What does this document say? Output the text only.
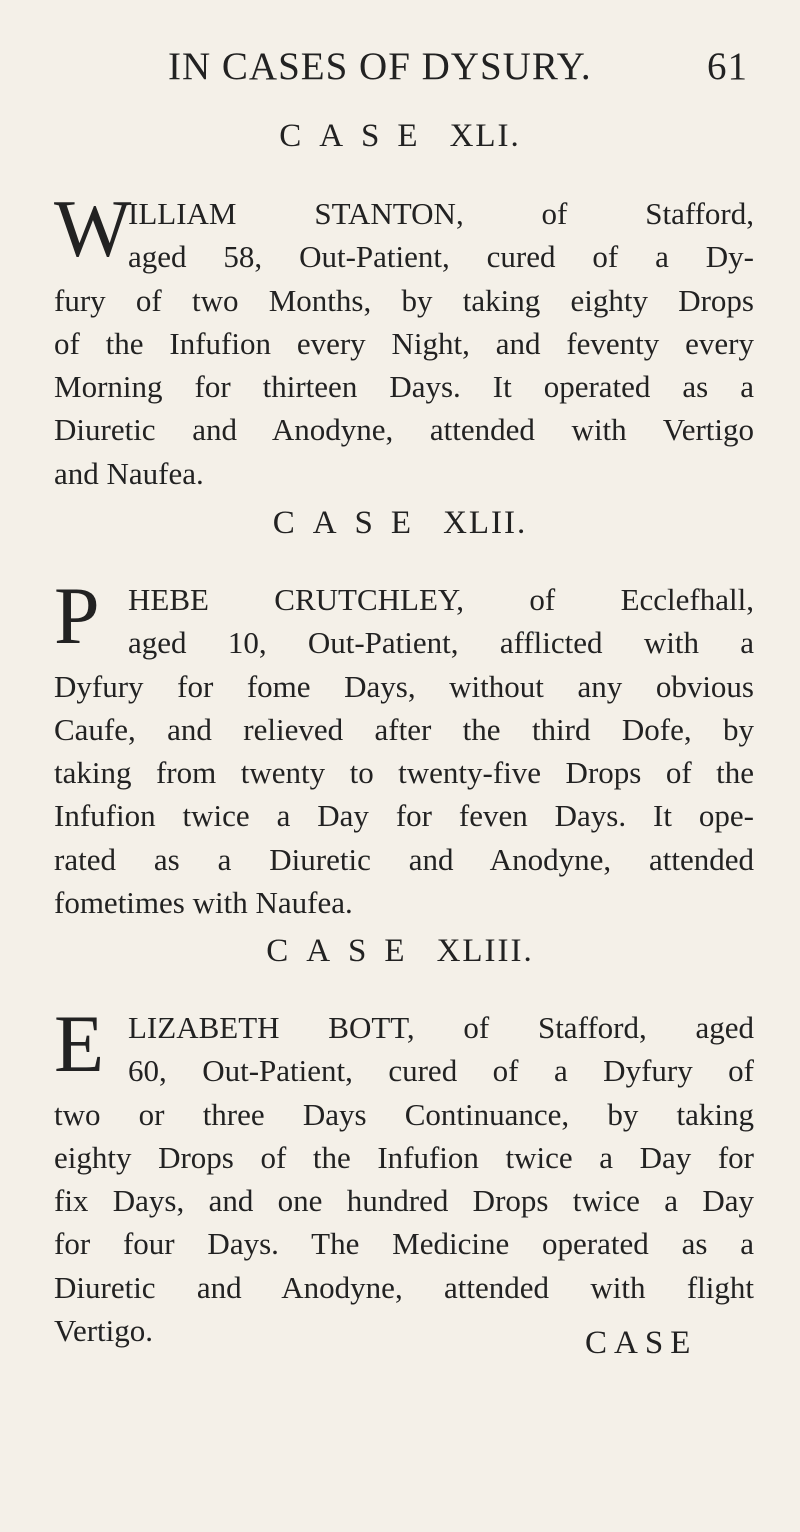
IN CASES OF DYSURY.	61
CASE XLI.
W
ILLIAM STANTON, of Stafford,
aged 58, Out-Patient, cured of a Dy-
fury of two Months, by taking eighty Drops
of the Infufion every Night, and feventy every
Morning for thirteen Days. It operated as a
Diuretic and Anodyne, attended with Vertigo
and Naufea.
CASE XLII.
P HEBE CRUTCHLEY, of Ecclefhall,
aged 10, Out-Patient, afflicted with a
Dyfury for fome Days, without any obvious
Caufe, and relieved after the third Dofe, by
taking from twenty to twenty-five Drops of the
Infufion twice a Day for feven Days. It ope-
rated as a Diuretic and Anodyne, attended
fometimes with Naufea.
CASE XLIII.
E LIZABETH BOTT, of Stafford, aged
60, Out-Patient, cured of a Dyfury of
two or three Days Continuance, by taking
eighty Drops of the Infufion twice a Day for
fix Days, and one hundred Drops twice a Day
for four Days. The Medicine operated as a
Diuretic and Anodyne, attended with flight
Vertigo.	CASE
